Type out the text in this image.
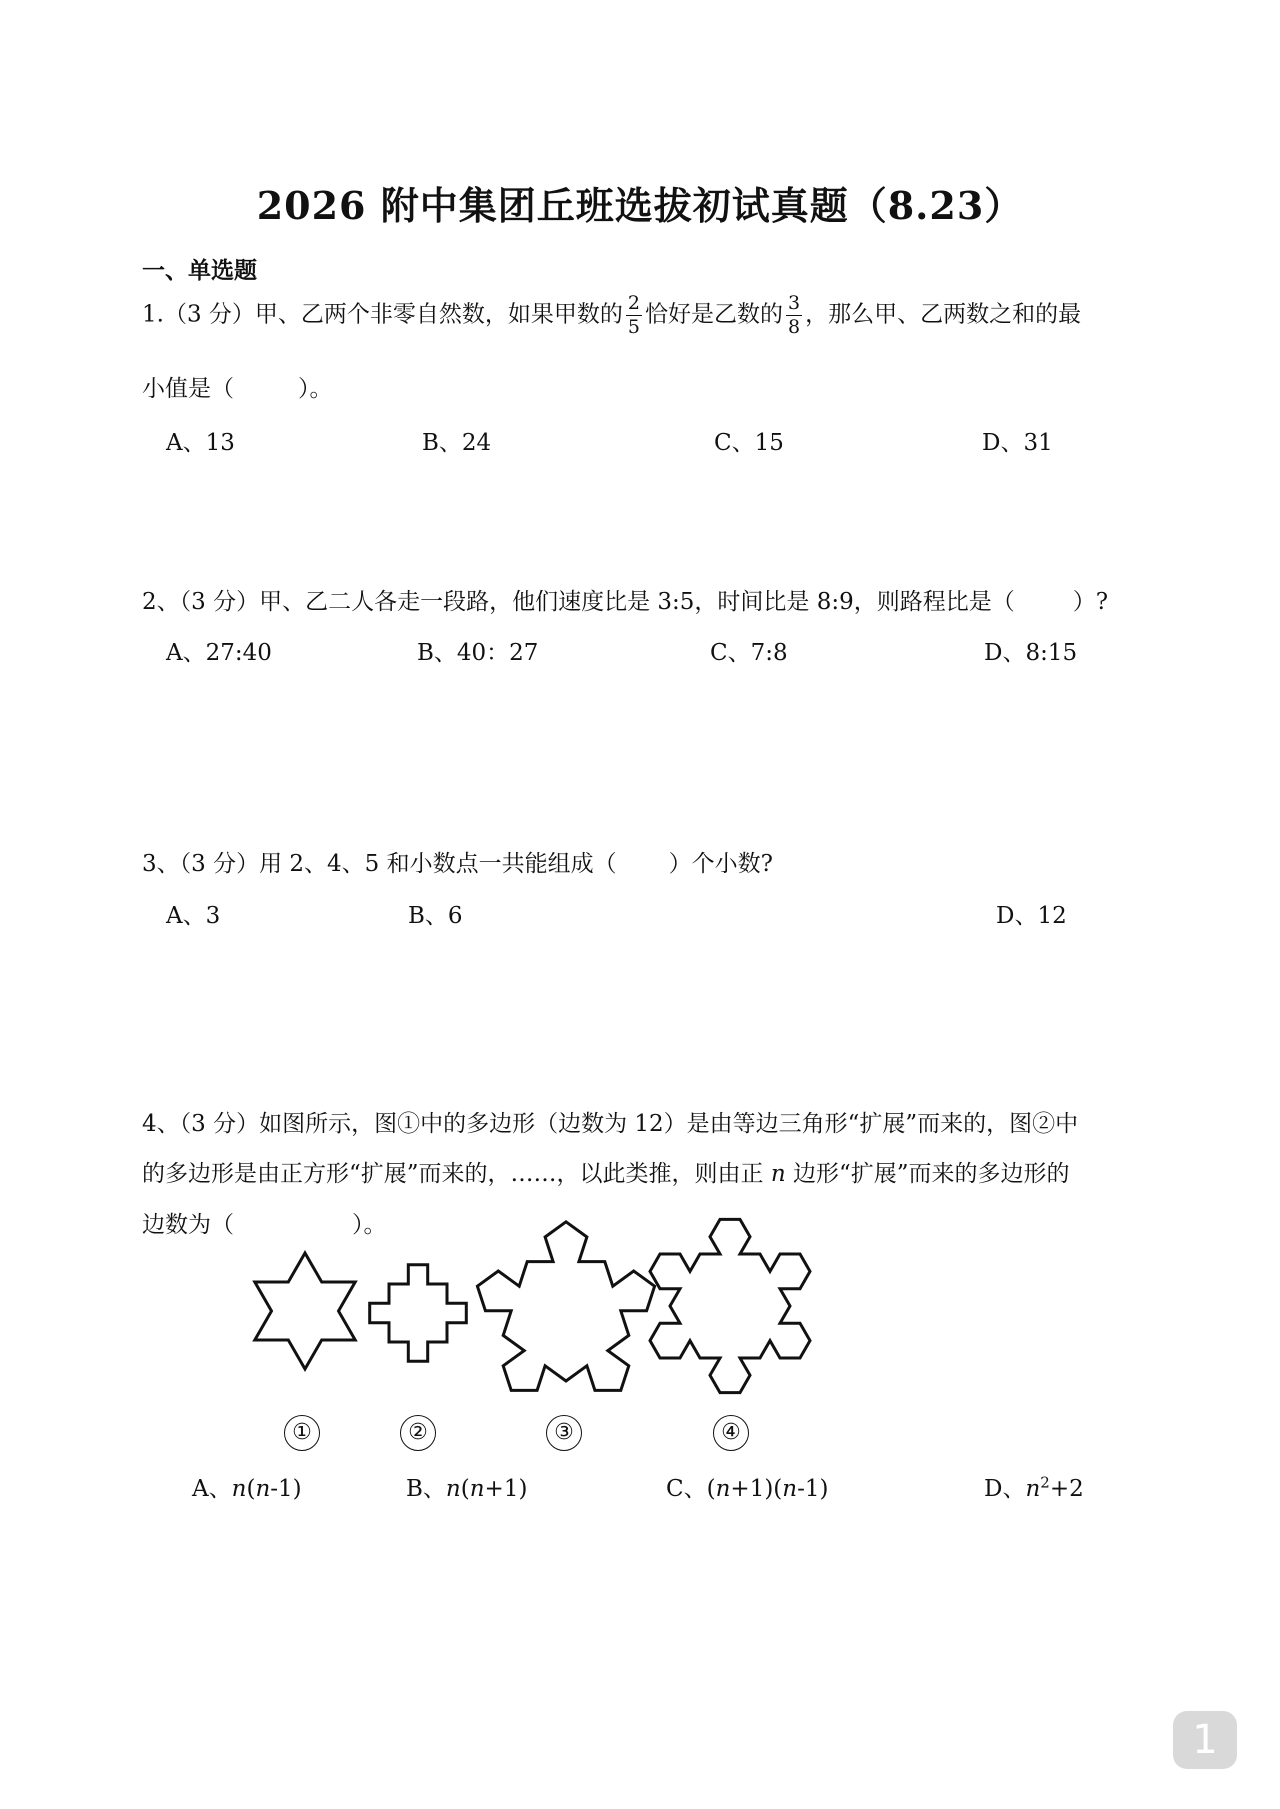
2026 附中集团丘班选拔初试真题（8.23）
一、单选题
1.（3 分）甲、乙两个非零自然数，如果甲数的 $\frac{2}{5}$ 恰好是乙数的 $\frac{3}{8}$ ，那么甲、乙两数之和的最
小值是（	）。
A、13	B、24	C、15	D、31
2、（3 分）甲、乙二人各走一段路，他们速度比是 3:5，时间比是 8:9，则路程比是（	）?
A、27:40	B、40：27	C、7:8	D、8:15
3、（3 分）用 2、4、5 和小数点一共能组成（ ）个小数?
A、3	B、6	D、12
4、（3 分）如图所示，图①中的多边形（边数为 12）是由等边三角形“扩展”而来的，图②中
的多边形是由正方形“扩展”而来的，……，以此类推，则由正 n 边形“扩展”而来的多边形的
边数为（	）。
①	②	③	④
A、n(n-1)	B、n(n+1)	C、(n+1)(n-1)	D、$n^2+2$
1
